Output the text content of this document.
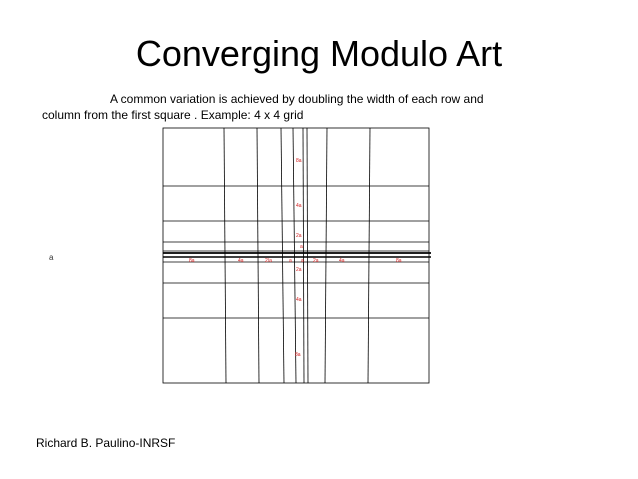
Converging Modulo Art
A common variation is achieved by doubling the width of each row and
column from the first square . Example: 4 x 4 grid
a	8a	4a	2/a	a a 2a	4a	8a
8a
4a
2a
a
2a
4a
8a
Richard B. Paulino-INRSF
